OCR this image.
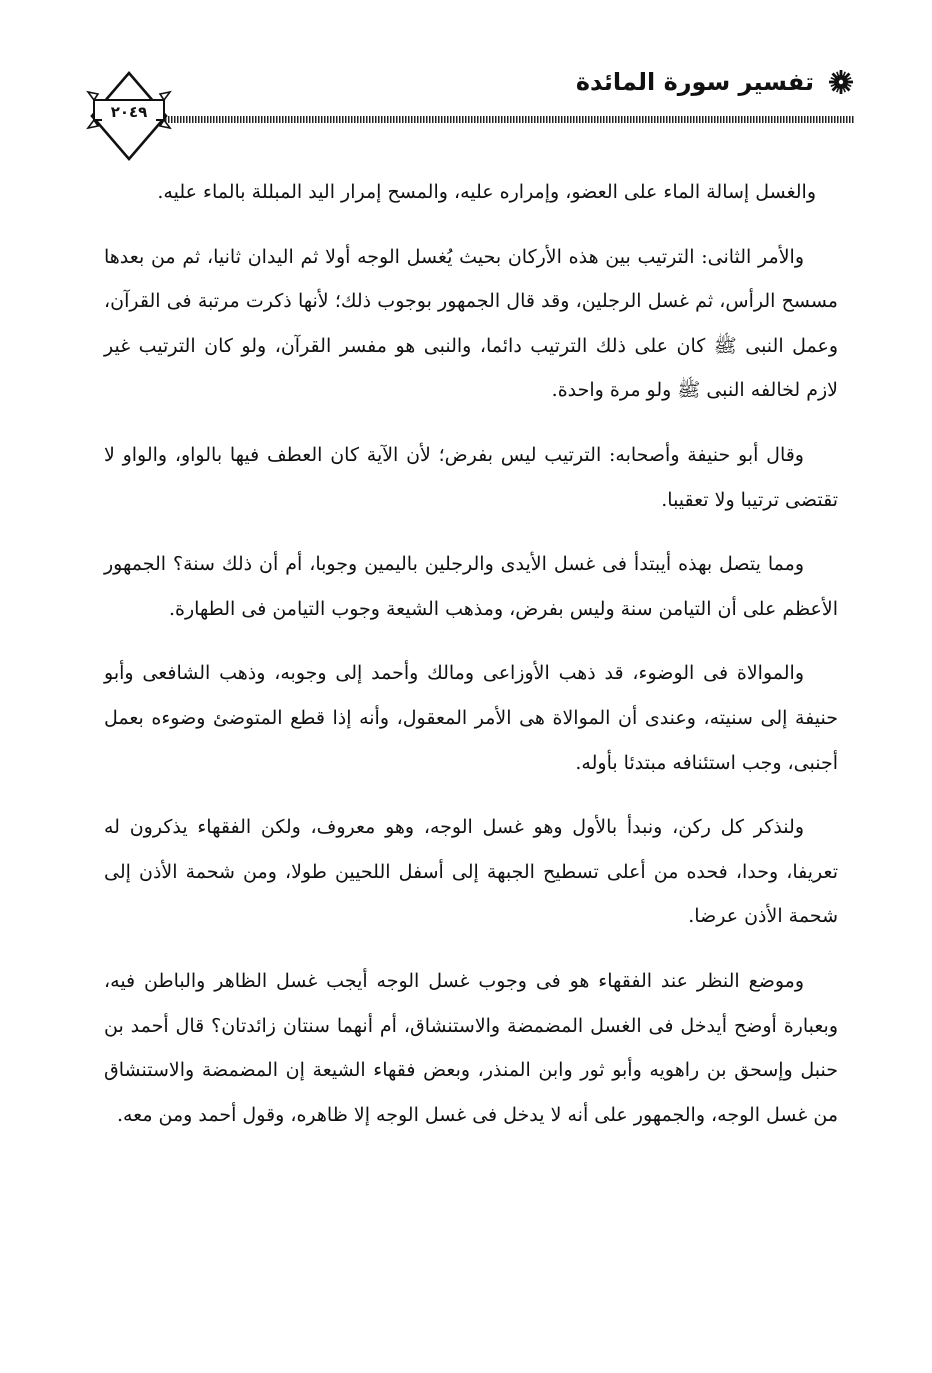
تفسير سورة المائدة
٢٠٤٩

والغسل إسالة الماء على العضو، وإمراره عليه، والمسح إمرار اليد المبللة بالماء عليه.

والأمر الثانى: الترتيب بين هذه الأركان بحيث يُغسل الوجه أولا ثم اليدان ثانيا، ثم من بعدها مسسح الرأس، ثم غسل الرجلين، وقد قال الجمهور بوجوب ذلك؛ لأنها ذكرت مرتبة فى القرآن، وعمل النبى ﷺ كان على ذلك الترتيب دائما، والنبى هو مفسر القرآن، ولو كان الترتيب غير لازم لخالفه النبى ﷺ ولو مرة واحدة.

وقال أبو حنيفة وأصحابه: الترتيب ليس بفرض؛ لأن الآية كان العطف فيها بالواو، والواو لا تقتضى ترتيبا ولا تعقيبا.

ومما يتصل بهذه أيبتدأ فى غسل الأيدى والرجلين باليمين وجوبا، أم أن ذلك سنة؟ الجمهور الأعظم على أن التيامن سنة وليس بفرض، ومذهب الشيعة وجوب التيامن فى الطهارة.

والموالاة فى الوضوء، قد ذهب الأوزاعى ومالك وأحمد إلى وجوبه، وذهب الشافعى وأبو حنيفة إلى سنيته، وعندى أن الموالاة هى الأمر المعقول، وأنه إذا قطع المتوضئ وضوءه بعمل أجنبى، وجب استئنافه مبتدئا بأوله.

ولنذكر كل ركن، ونبدأ بالأول وهو غسل الوجه، وهو معروف، ولكن الفقهاء يذكرون له تعريفا، وحدا، فحده من أعلى تسطيح الجبهة إلى أسفل اللحيين طولا، ومن شحمة الأذن إلى شحمة الأذن عرضا.

وموضع النظر عند الفقهاء هو فى وجوب غسل الوجه أيجب غسل الظاهر والباطن فيه، وبعبارة أوضح أيدخل فى الغسل المضمضة والاستنشاق، أم أنهما سنتان زائدتان؟ قال أحمد بن حنبل وإسحق بن راهويه وأبو ثور وابن المنذر، وبعض فقهاء الشيعة إن المضمضة والاستنشاق من غسل الوجه، والجمهور على أنه لا يدخل فى غسل الوجه إلا ظاهره، وقول أحمد ومن معه.
